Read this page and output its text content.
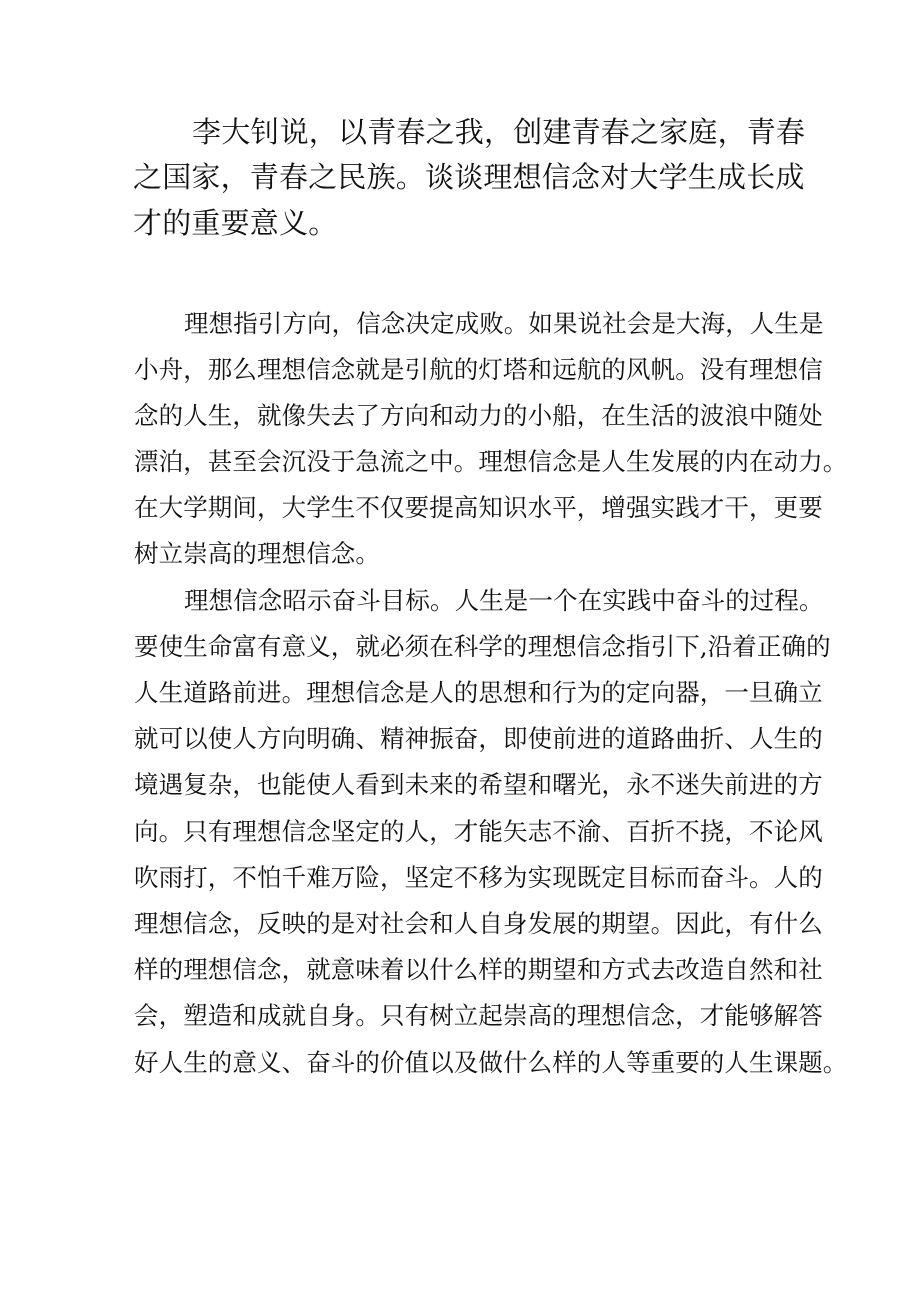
李大钊说，以青春之我，创建青春之家庭，青春
之国家，青春之民族。谈谈理想信念对大学生成长成
才的重要意义。
理想指引方向，信念决定成败。如果说社会是大海，人生是
小舟，那么理想信念就是引航的灯塔和远航的风帆。没有理想信
念的人生，就像失去了方向和动力的小船，在生活的波浪中随处
漂泊，甚至会沉没于急流之中。理想信念是人生发展的内在动力。
在大学期间，大学生不仅要提高知识水平，增强实践才干，更要
树立崇高的理想信念。
理想信念昭示奋斗目标。人生是一个在实践中奋斗的过程。
要使生命富有意义，就必须在科学的理想信念指引下,沿着正确的
人生道路前进。理想信念是人的思想和行为的定向器，一旦确立
就可以使人方向明确、精神振奋，即使前进的道路曲折、人生的
境遇复杂，也能使人看到未来的希望和曙光，永不迷失前进的方
向。只有理想信念坚定的人，才能矢志不渝、百折不挠，不论风
吹雨打，不怕千难万险，坚定不移为实现既定目标而奋斗。人的
理想信念，反映的是对社会和人自身发展的期望。因此，有什么
样的理想信念，就意味着以什么样的期望和方式去改造自然和社
会，塑造和成就自身。只有树立起崇高的理想信念，才能够解答
好人生的意义、奋斗的价值以及做什么样的人等重要的人生课题。
